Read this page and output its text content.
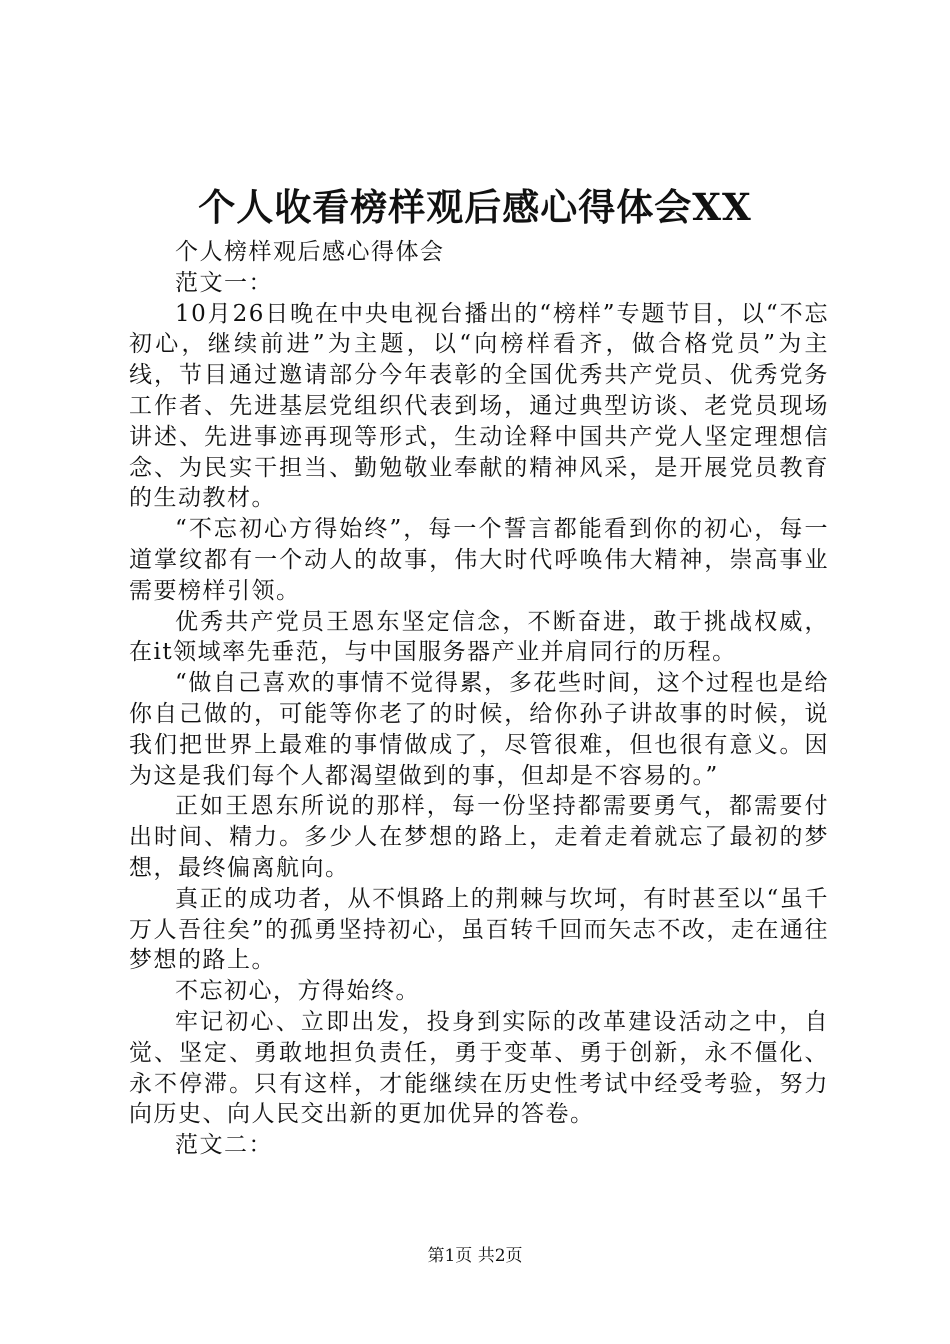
个人收看榜样观后感心得体会XX

个人榜样观后感心得体会

范文一：

10月26日晚在中央电视台播出的“榜样”专题节目，以“不忘初心，继续前进”为主题，以“向榜样看齐，做合格党员”为主线，节目通过邀请部分今年表彰的全国优秀共产党员、优秀党务工作者、先进基层党组织代表到场，通过典型访谈、老党员现场讲述、先进事迹再现等形式，生动诠释中国共产党人坚定理想信念、为民实干担当、勤勉敬业奉献的精神风采，是开展党员教育的生动教材。

“不忘初心方得始终”，每一个誓言都能看到你的初心，每一道掌纹都有一个动人的故事，伟大时代呼唤伟大精神，崇高事业需要榜样引领。

优秀共产党员王恩东坚定信念，不断奋进，敢于挑战权威，在it领域率先垂范，与中国服务器产业并肩同行的历程。

“做自己喜欢的事情不觉得累，多花些时间，这个过程也是给你自己做的，可能等你老了的时候，给你孙子讲故事的时候，说我们把世界上最难的事情做成了，尽管很难，但也很有意义。因为这是我们每个人都渴望做到的事，但却是不容易的。”

正如王恩东所说的那样，每一份坚持都需要勇气，都需要付出时间、精力。多少人在梦想的路上，走着走着就忘了最初的梦想，最终偏离航向。

真正的成功者，从不惧路上的荆棘与坎坷，有时甚至以“虽千万人吾往矣”的孤勇坚持初心，虽百转千回而矢志不改，走在通往梦想的路上。

不忘初心，方得始终。

牢记初心、立即出发，投身到实际的改革建设活动之中，自觉、坚定、勇敢地担负责任，勇于变革、勇于创新，永不僵化、永不停滞。只有这样，才能继续在历史性考试中经受考验，努力向历史、向人民交出新的更加优异的答卷。

范文二：

第1页 共2页
